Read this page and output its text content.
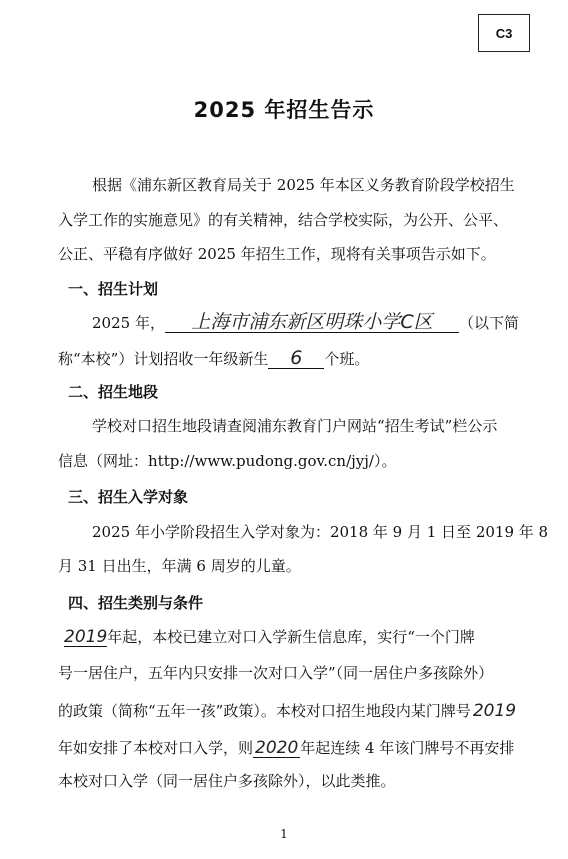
C3
2025 年招生告示
根据《浦东新区教育局关于 2025 年本区义务教育阶段学校招生
入学工作的实施意见》的有关精神，结合学校实际，为公开、公平、
公正、平稳有序做好 2025 年招生工作，现将有关事项告示如下。
一、招生计划
2025 年， 上海市浦东新区明珠小学C区 （以下简
称“本校”）计划招收一年级新生 6 个班。
二、招生地段
学校对口招生地段请查阅浦东教育门户网站“招生考试”栏公示
信息（网址：http://www.pudong.gov.cn/jyj/）。
三、招生入学对象
2025 年小学阶段招生入学对象为：2018 年 9 月 1 日至 2019 年 8
月 31 日出生，年满 6 周岁的儿童。
四、招生类别与条件
2019年起，本校已建立对口入学新生信息库，实行“一个门牌
号一居住户，五年内只安排一次对口入学”（同一居住户多孩除外）
的政策（简称“五年一孩”政策）。本校对口招生地段内某门牌号 2019
年如安排了本校对口入学，则 2020 年起连续 4 年该门牌号不再安排
本校对口入学（同一居住户多孩除外），以此类推。
1
